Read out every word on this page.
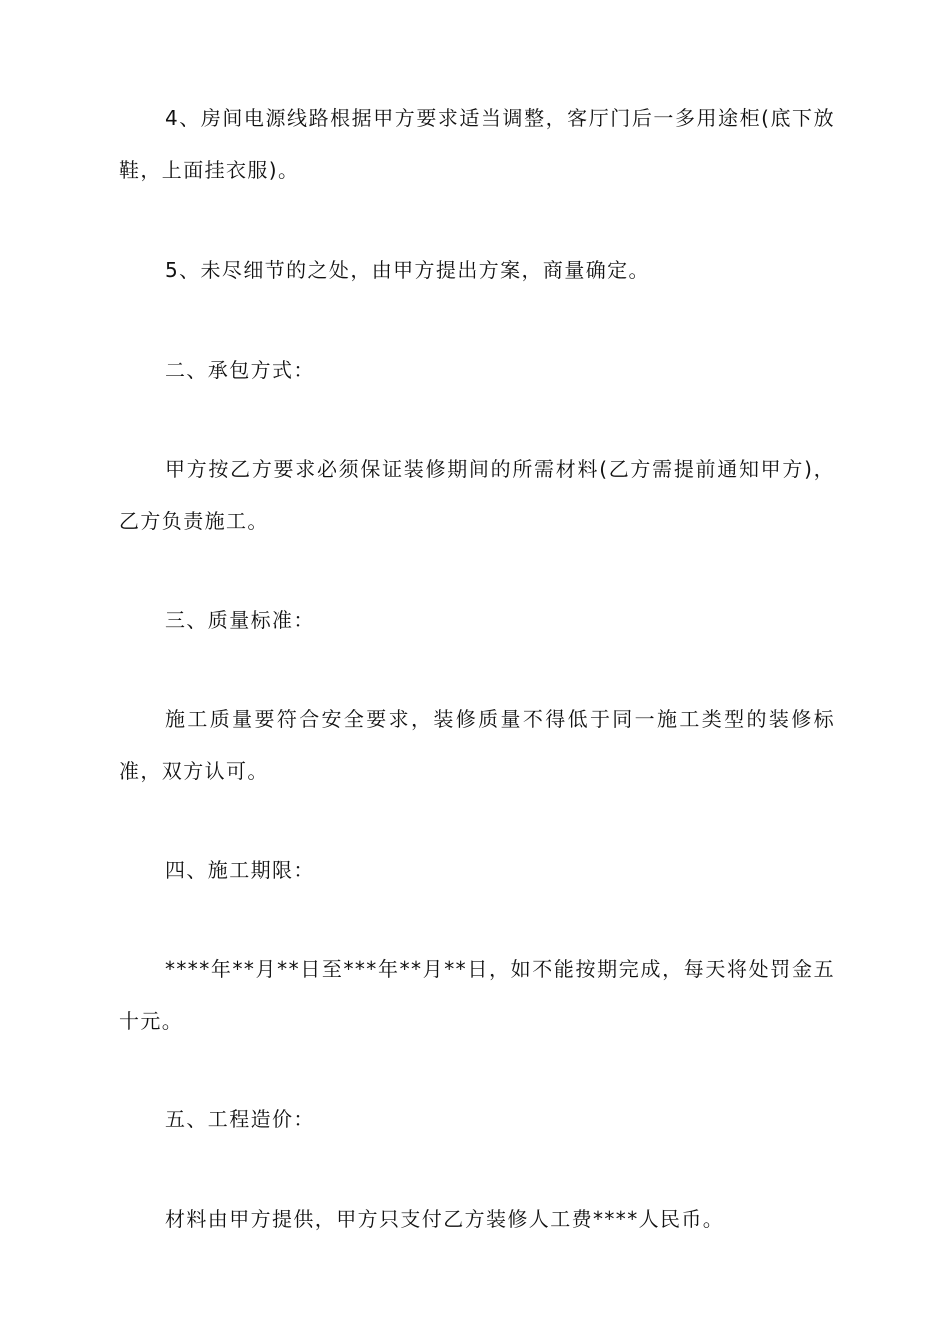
4、房间电源线路根据甲方要求适当调整，客厅门后一多用途柜(底下放鞋，上面挂衣服)。

5、未尽细节的之处，由甲方提出方案，商量确定。

二、承包方式：

甲方按乙方要求必须保证装修期间的所需材料(乙方需提前通知甲方)，乙方负责施工。

三、质量标准：

施工质量要符合安全要求，装修质量不得低于同一施工类型的装修标准，双方认可。

四、施工期限：

****年**月**日至***年**月**日，如不能按期完成，每天将处罚金五十元。

五、工程造价：

材料由甲方提供，甲方只支付乙方装修人工费****人民币。
